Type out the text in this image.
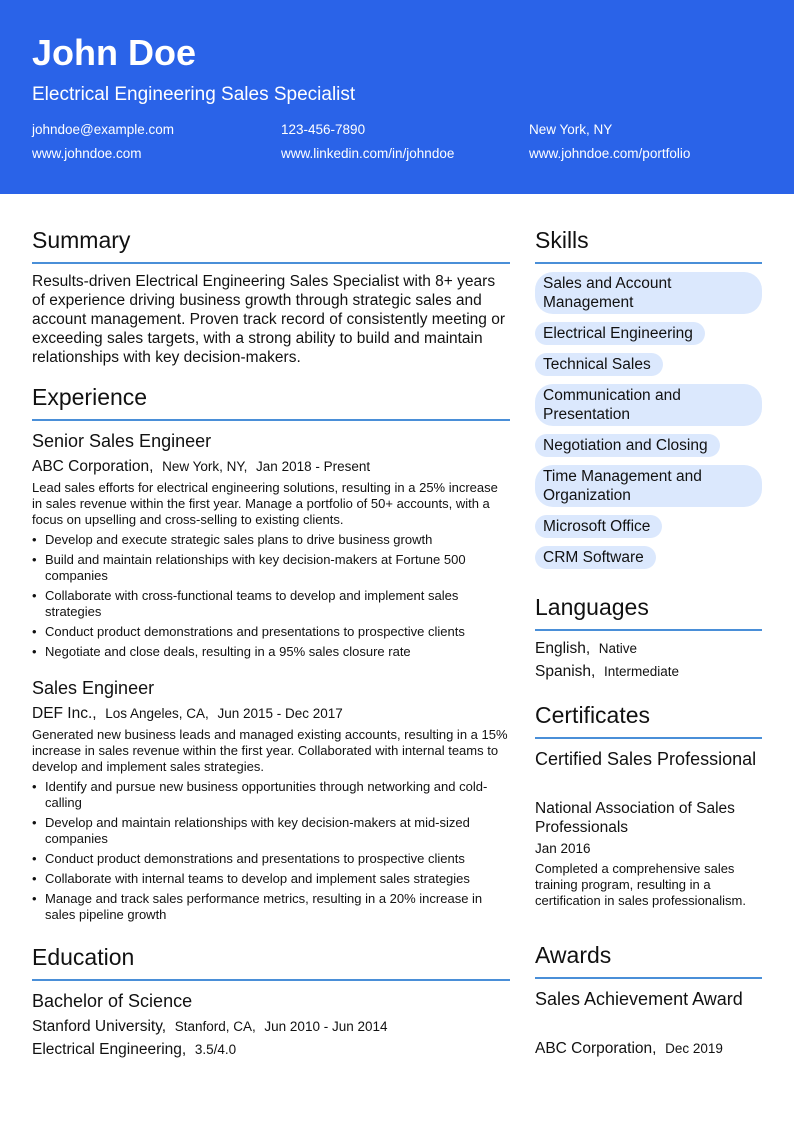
John Doe
Electrical Engineering Sales Specialist
johndoe@example.com	123-456-7890	New York, NY
www.johndoe.com	www.linkedin.com/in/johndoe	www.johndoe.com/portfolio
Summary
Results-driven Electrical Engineering Sales Specialist with 8+ years of experience driving business growth through strategic sales and account management. Proven track record of consistently meeting or exceeding sales targets, with a strong ability to build and maintain relationships with key decision-makers.
Experience
Senior Sales Engineer
ABC Corporation, New York, NY, Jan 2018 - Present
Lead sales efforts for electrical engineering solutions, resulting in a 25% increase in sales revenue within the first year. Manage a portfolio of 50+ accounts, with a focus on upselling and cross-selling to existing clients.
• Develop and execute strategic sales plans to drive business growth
• Build and maintain relationships with key decision-makers at Fortune 500 companies
• Collaborate with cross-functional teams to develop and implement sales strategies
• Conduct product demonstrations and presentations to prospective clients
• Negotiate and close deals, resulting in a 95% sales closure rate
Sales Engineer
DEF Inc., Los Angeles, CA, Jun 2015 - Dec 2017
Generated new business leads and managed existing accounts, resulting in a 15% increase in sales revenue within the first year. Collaborated with internal teams to develop and implement sales strategies.
• Identify and pursue new business opportunities through networking and cold-calling
• Develop and maintain relationships with key decision-makers at mid-sized companies
• Conduct product demonstrations and presentations to prospective clients
• Collaborate with internal teams to develop and implement sales strategies
• Manage and track sales performance metrics, resulting in a 20% increase in sales pipeline growth
Education
Bachelor of Science
Stanford University, Stanford, CA, Jun 2010 - Jun 2014
Electrical Engineering, 3.5/4.0
Skills
Sales and Account Management
Electrical Engineering
Technical Sales
Communication and Presentation
Negotiation and Closing
Time Management and Organization
Microsoft Office
CRM Software
Languages
English, Native
Spanish, Intermediate
Certificates
Certified Sales Professional
National Association of Sales Professionals
Jan 2016
Completed a comprehensive sales training program, resulting in a certification in sales professionalism.
Awards
Sales Achievement Award
ABC Corporation, Dec 2019
